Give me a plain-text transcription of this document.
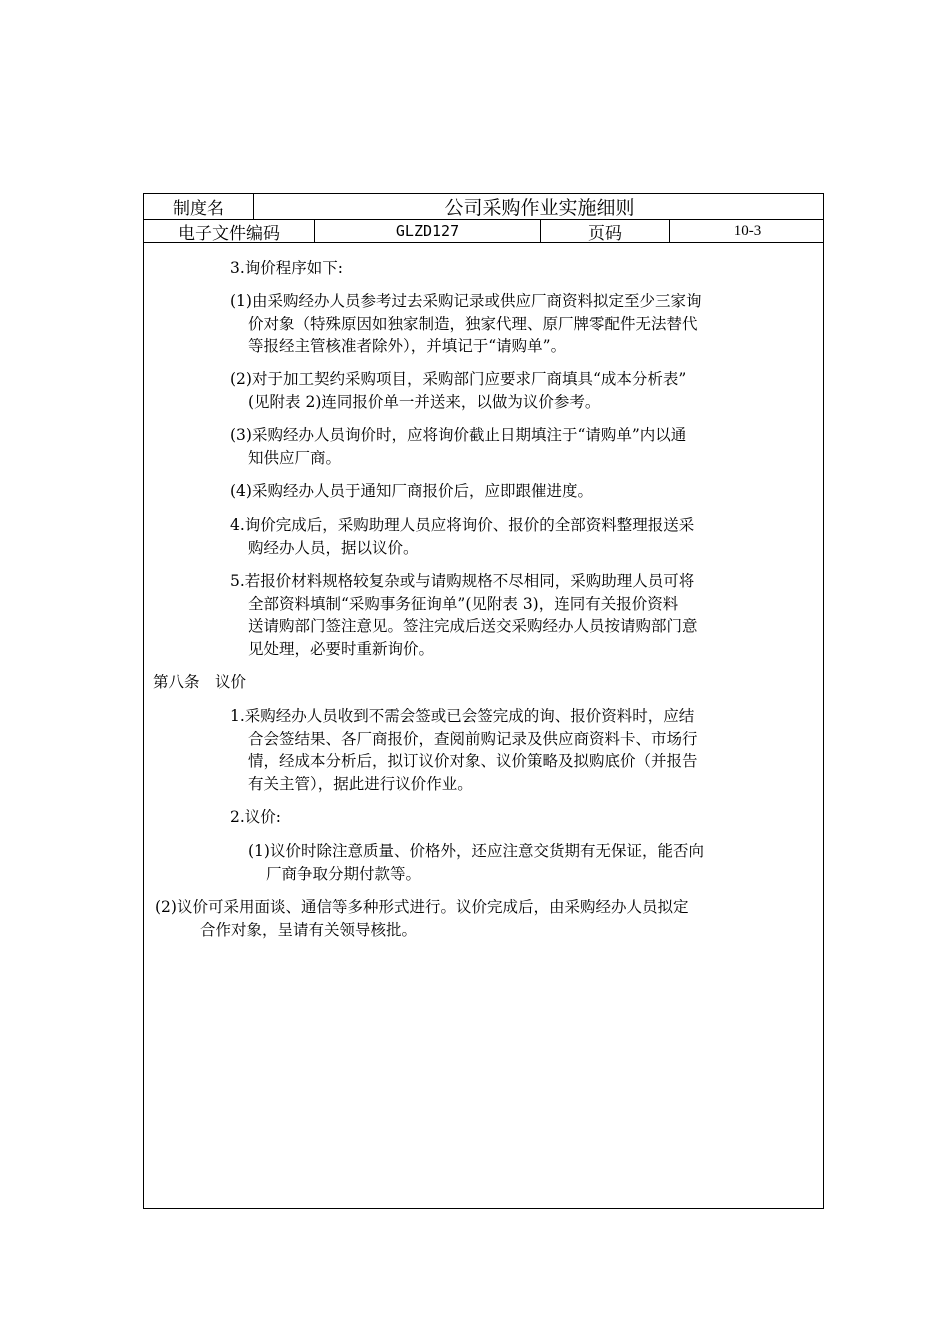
制度名	公司采购作业实施细则
电子文件编码	GLZD127	页码	10-3
3.询价程序如下:
(1)由采购经办人员参考过去采购记录或供应厂商资料拟定至少三家询
价对象（特殊原因如独家制造，独家代理、原厂牌零配件无法替代
等报经主管核准者除外），并填记于“请购单”。
(2)对于加工契约采购项目，采购部门应要求厂商填具“成本分析表”
(见附表 2)连同报价单一并送来，以做为议价参考。
(3)采购经办人员询价时，应将询价截止日期填注于“请购单”内以通
知供应厂商。
(4)采购经办人员于通知厂商报价后，应即跟催进度。
4.询价完成后，采购助理人员应将询价、报价的全部资料整理报送采
购经办人员，据以议价。
5.若报价材料规格较复杂或与请购规格不尽相同，采购助理人员可将
全部资料填制“采购事务征询单”(见附表 3)，连同有关报价资料
送请购部门签注意见。签注完成后送交采购经办人员按请购部门意
见处理，必要时重新询价。
第八条　议价
1.采购经办人员收到不需会签或已会签完成的询、报价资料时，应结
合会签结果、各厂商报价，查阅前购记录及供应商资料卡、市场行
情，经成本分析后，拟订议价对象、议价策略及拟购底价（并报告
有关主管），据此进行议价作业。
2.议价:
(1)议价时除注意质量、价格外，还应注意交货期有无保证，能否向
厂商争取分期付款等。
(2)议价可采用面谈、通信等多种形式进行。议价完成后，由采购经办人员拟定
合作对象，呈请有关领导核批。
